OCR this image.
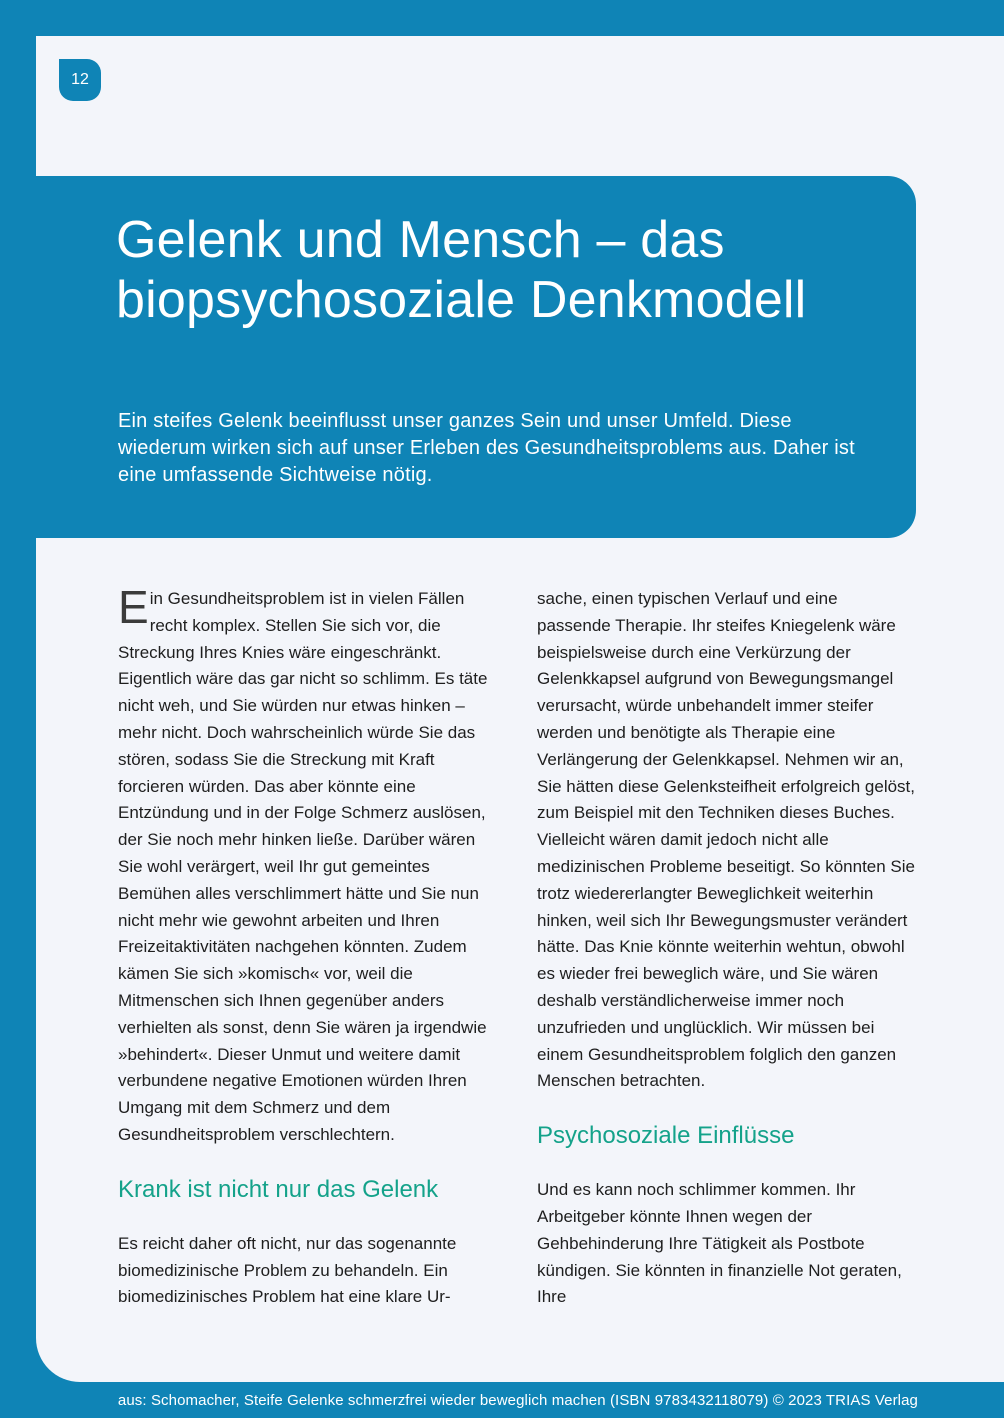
12
Gelenk und Mensch – das biopsychosoziale Denkmodell

Ein steifes Gelenk beeinflusst unser ganzes Sein und unser Umfeld. Diese wiederum wirken sich auf unser Erleben des Gesundheitsproblems aus. Daher ist eine umfassende Sichtweise nötig.

Ein Gesundheitsproblem ist in vielen Fällen recht komplex. Stellen Sie sich vor, die Streckung Ihres Knies wäre eingeschränkt. Eigentlich wäre das gar nicht so schlimm. Es täte nicht weh, und Sie würden nur etwas hinken – mehr nicht. Doch wahrscheinlich würde Sie das stören, sodass Sie die Streckung mit Kraft forcieren würden. Das aber könnte eine Entzündung und in der Folge Schmerz auslösen, der Sie noch mehr hinken ließe. Darüber wären Sie wohl verärgert, weil Ihr gut gemeintes Bemühen alles verschlimmert hätte und Sie nun nicht mehr wie gewohnt arbeiten und Ihren Freizeitaktivitäten nachgehen könnten. Zudem kämen Sie sich »komisch« vor, weil die Mitmenschen sich Ihnen gegenüber anders verhielten als sonst, denn Sie wären ja irgendwie »behindert«. Dieser Unmut und weitere damit verbundene negative Emotionen würden Ihren Umgang mit dem Schmerz und dem Gesundheitsproblem verschlechtern.

Krank ist nicht nur das Gelenk

Es reicht daher oft nicht, nur das sogenannte biomedizinische Problem zu behandeln. Ein biomedizinisches Problem hat eine klare Ur-

sache, einen typischen Verlauf und eine passende Therapie. Ihr steifes Kniegelenk wäre beispielsweise durch eine Verkürzung der Gelenkkapsel aufgrund von Bewegungsmangel verursacht, würde unbehandelt immer steifer werden und benötigte als Therapie eine Verlängerung der Gelenkkapsel. Nehmen wir an, Sie hätten diese Gelenksteifheit erfolgreich gelöst, zum Beispiel mit den Techniken dieses Buches. Vielleicht wären damit jedoch nicht alle medizinischen Probleme beseitigt. So könnten Sie trotz wiedererlangter Beweglichkeit weiterhin hinken, weil sich Ihr Bewegungsmuster verändert hätte. Das Knie könnte weiterhin wehtun, obwohl es wieder frei beweglich wäre, und Sie wären deshalb verständlicherweise immer noch unzufrieden und unglücklich. Wir müssen bei einem Gesundheitsproblem folglich den ganzen Menschen betrachten.

Psychosoziale Einflüsse

Und es kann noch schlimmer kommen. Ihr Arbeitgeber könnte Ihnen wegen der Gehbehinderung Ihre Tätigkeit als Postbote kündigen. Sie könnten in finanzielle Not geraten, Ihre

aus: Schomacher, Steife Gelenke schmerzfrei wieder beweglich machen (ISBN 9783432118079) © 2023 TRIAS Verlag
